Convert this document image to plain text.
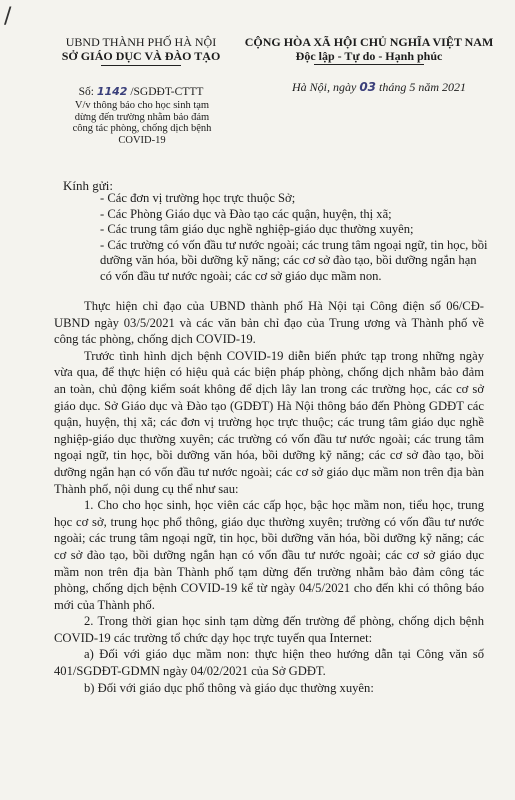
/
UBND THÀNH PHỐ HÀ NỘI
SỞ GIÁO DỤC VÀ ĐÀO TẠO
CỘNG HÒA XÃ HỘI CHỦ NGHĨA VIỆT NAM
Độc lập - Tự do - Hạnh phúc
Số: 1142 /SGDĐT-CTTT
V/v thông báo cho học sinh tạm
dừng đến trường nhằm bảo đảm
công tác phòng, chống dịch bệnh
COVID-19
Hà Nội, ngày 03 tháng 5 năm 2021
Kính gửi:
- Các đơn vị trường học trực thuộc Sở;
- Các Phòng Giáo dục và Đào tạo các quận, huyện, thị xã;
- Các trung tâm giáo dục nghề nghiệp-giáo dục thường xuyên;
- Các trường có vốn đầu tư nước ngoài; các trung tâm ngoại ngữ, tin học, bồi dưỡng văn hóa, bồi dưỡng kỹ năng; các cơ sở đào tạo, bồi dưỡng ngắn hạn có vốn đầu tư nước ngoài; các cơ sở giáo dục mầm non.

Thực hiện chỉ đạo của UBND thành phố Hà Nội tại Công điện số 06/CĐ-UBND ngày 03/5/2021 và các văn bản chỉ đạo của Trung ương và Thành phố về công tác phòng, chống dịch COVID-19.

Trước tình hình dịch bệnh COVID-19 diễn biến phức tạp trong những ngày vừa qua, để thực hiện có hiệu quả các biện pháp phòng, chống dịch nhằm bảo đảm an toàn, chủ động kiểm soát không để dịch lây lan trong các trường học, các cơ sở giáo dục. Sở Giáo dục và Đào tạo (GDĐT) Hà Nội thông báo đến Phòng GDĐT các quận, huyện, thị xã; các đơn vị trường học trực thuộc; các trung tâm giáo dục nghề nghiệp-giáo dục thường xuyên; các trường có vốn đầu tư nước ngoài; các trung tâm ngoại ngữ, tin học, bồi dưỡng văn hóa, bồi dưỡng kỹ năng; các cơ sở đào tạo, bồi dưỡng ngắn hạn có vốn đầu tư nước ngoài; các cơ sở giáo dục mầm non trên địa bàn Thành phố, nội dung cụ thể như sau:

1. Cho cho học sinh, học viên các cấp học, bậc học mầm non, tiểu học, trung học cơ sở, trung học phổ thông, giáo dục thường xuyên; trường có vốn đầu tư nước ngoài; các trung tâm ngoại ngữ, tin học, bồi dưỡng văn hóa, bồi dưỡng kỹ năng; các cơ sở đào tạo, bồi dưỡng ngắn hạn có vốn đầu tư nước ngoài; các cơ sở giáo dục mầm non trên địa bàn Thành phố tạm dừng đến trường nhằm bảo đảm công tác phòng, chống dịch bệnh COVID-19 kể từ ngày 04/5/2021 cho đến khi có thông báo mới của Thành phố.

2. Trong thời gian học sinh tạm dừng đến trường để phòng, chống dịch bệnh COVID-19 các trường tổ chức dạy học trực tuyến qua Internet:

a) Đối với giáo dục mầm non: thực hiện theo hướng dẫn tại Công văn số 401/SGDĐT-GDMN ngày 04/02/2021 của Sở GDĐT.

b) Đối với giáo dục phổ thông và giáo dục thường xuyên:
